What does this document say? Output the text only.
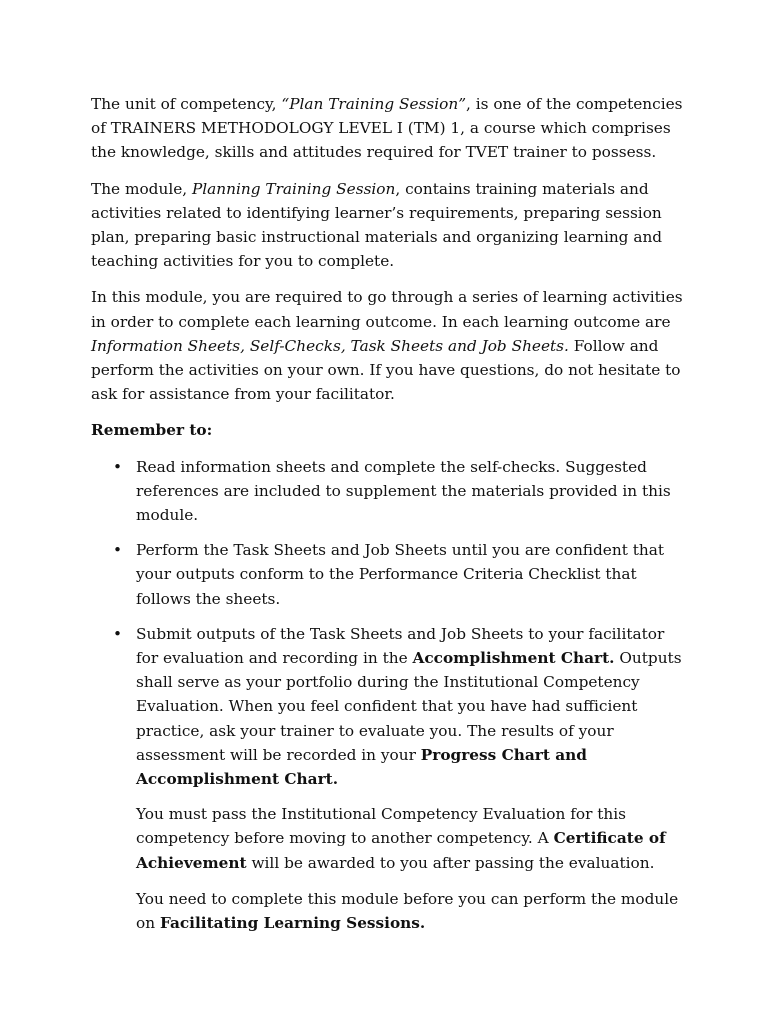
The unit of competency, “Plan Training Session”, is one of the competencies of TRAINERS METHODOLOGY LEVEL I (TM) 1, a course which comprises the knowledge, skills and attitudes required for TVET trainer to possess.

The module, Planning Training Session, contains training materials and activities related to identifying learner’s requirements, preparing session plan, preparing basic instructional materials and organizing learning and teaching activities for you to complete.

In this module, you are required to go through a series of learning activities in order to complete each learning outcome. In each learning outcome are Information Sheets, Self-Checks, Task Sheets and Job Sheets. Follow and perform the activities on your own. If you have questions, do not hesitate to ask for assistance from your facilitator.

Remember to:

• Read information sheets and complete the self-checks. Suggested references are included to supplement the materials provided in this module.

• Perform the Task Sheets and Job Sheets until you are confident that your outputs conform to the Performance Criteria Checklist that follows the sheets.

• Submit outputs of the Task Sheets and Job Sheets to your facilitator for evaluation and recording in the Accomplishment Chart. Outputs shall serve as your portfolio during the Institutional Competency Evaluation. When you feel confident that you have had sufficient practice, ask your trainer to evaluate you. The results of your assessment will be recorded in your Progress Chart and Accomplishment Chart.

You must pass the Institutional Competency Evaluation for this competency before moving to another competency. A Certificate of Achievement will be awarded to you after passing the evaluation.

You need to complete this module before you can perform the module on Facilitating Learning Sessions.
